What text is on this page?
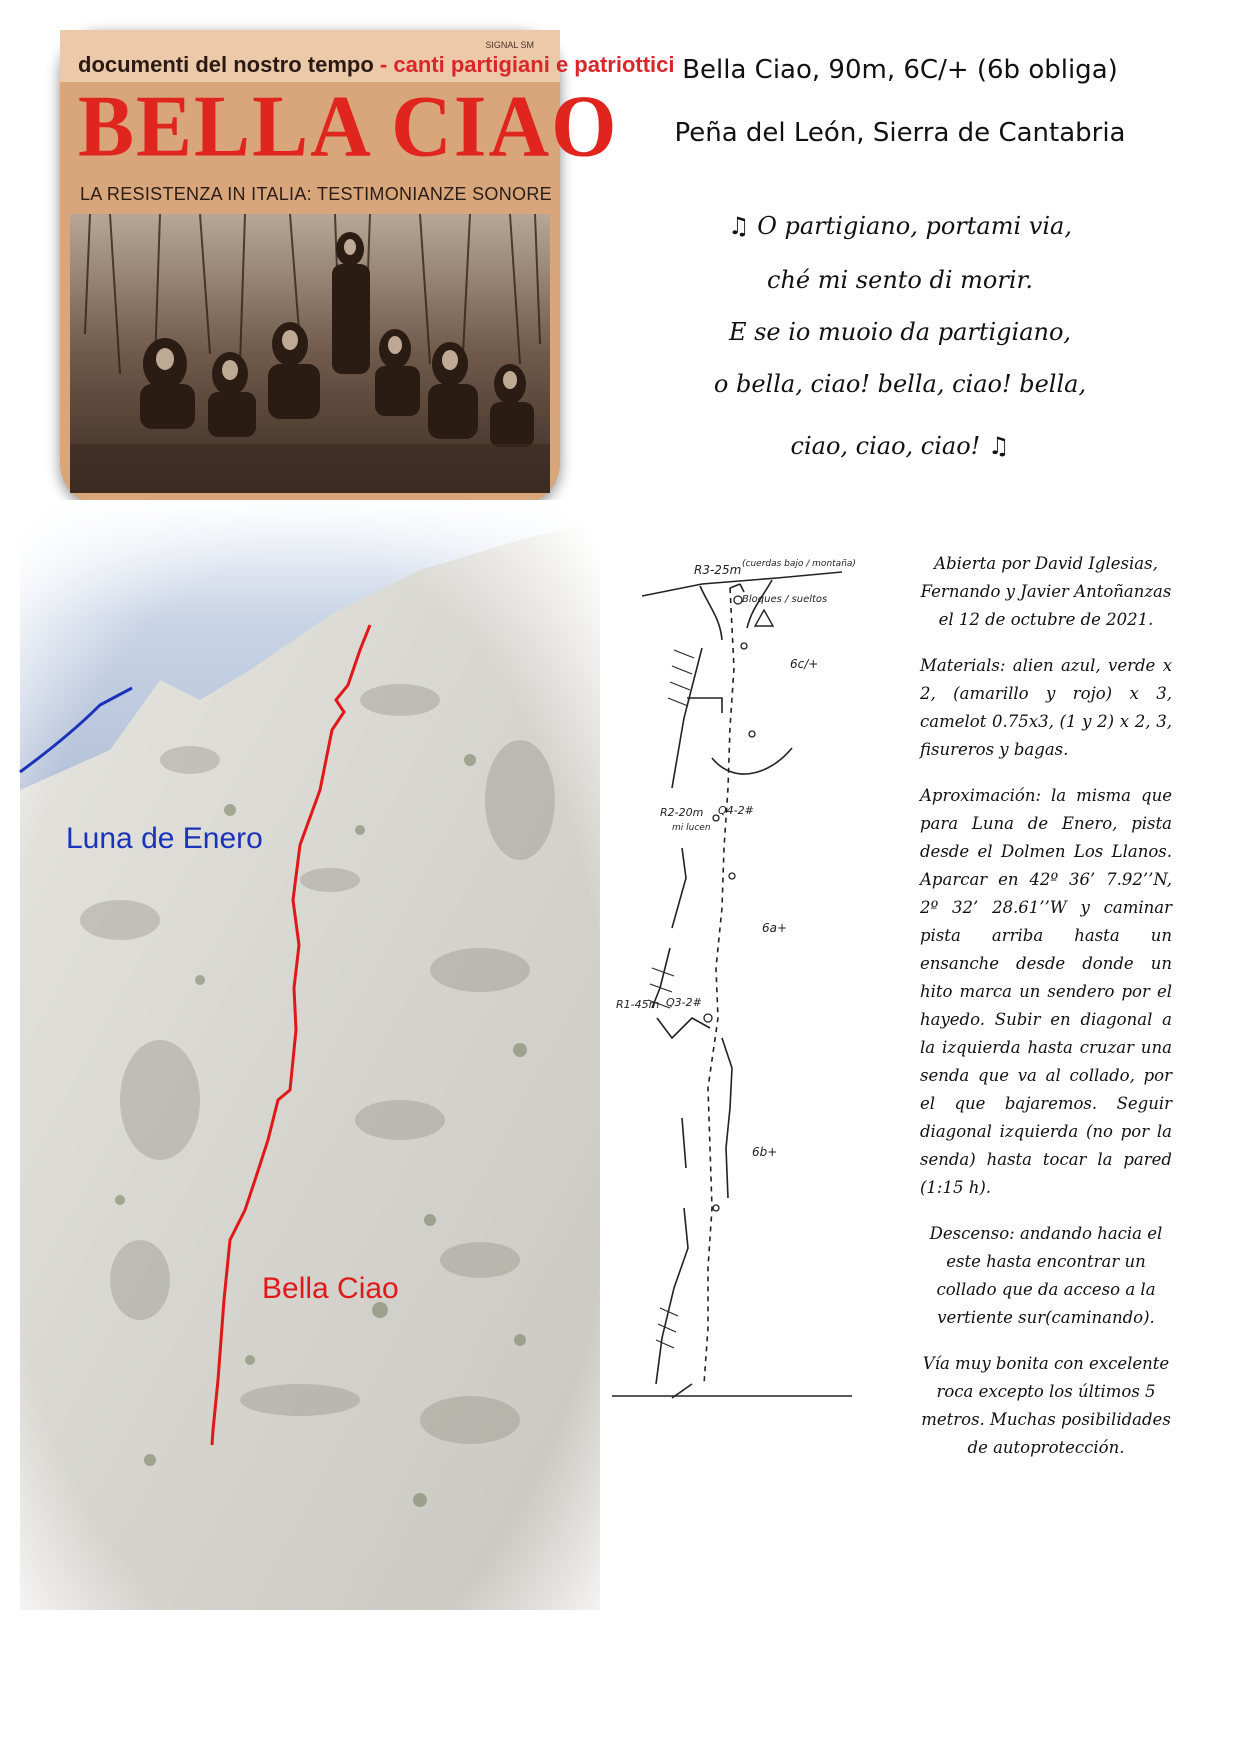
SIGNAL SM
documenti del nostro tempo - canti partigiani e patriottici
BELLA CIAO
LA RESISTENZA IN ITALIA: TESTIMONIANZE SONORE
Bella Ciao, 90m, 6C/+ (6b obliga)
Peña del León, Sierra de Cantabria
♫ O partigiano, portami via,
ché mi sento di morir.
E se io muoio da partigiano,
o bella, ciao! bella, ciao! bella,
ciao, ciao, ciao! ♫
Luna de Enero
Bella Ciao
R3-25m (cuerdas bajo / montaña)
Bloques / sueltos
6c/+
R2-20m Q4-2#
mi lucen
6a+
R1-45m Q3-2#
6b+

Abierta por David Iglesias, Fernando y Javier Antoñanzas el 12 de octubre de 2021.

Materials: alien azul, verde x 2, (amarillo y rojo) x 3, camelot 0.75x3, (1 y 2) x 2, 3, fisureros y bagas.

Aproximación: la misma que para Luna de Enero, pista desde el Dolmen Los Llanos. Aparcar en 42º 36’ 7.92’’N, 2º 32’ 28.61’’W y caminar pista arriba hasta un ensanche desde donde un hito marca un sendero por el hayedo. Subir en diagonal a la izquierda hasta cruzar una senda que va al collado, por el que bajaremos. Seguir diagonal izquierda (no por la senda) hasta tocar la pared (1:15 h).

Descenso: andando hacia el este hasta encontrar un collado que da acceso a la vertiente sur(caminando).

Vía muy bonita con excelente roca excepto los últimos 5 metros. Muchas posibilidades de autoprotección.
